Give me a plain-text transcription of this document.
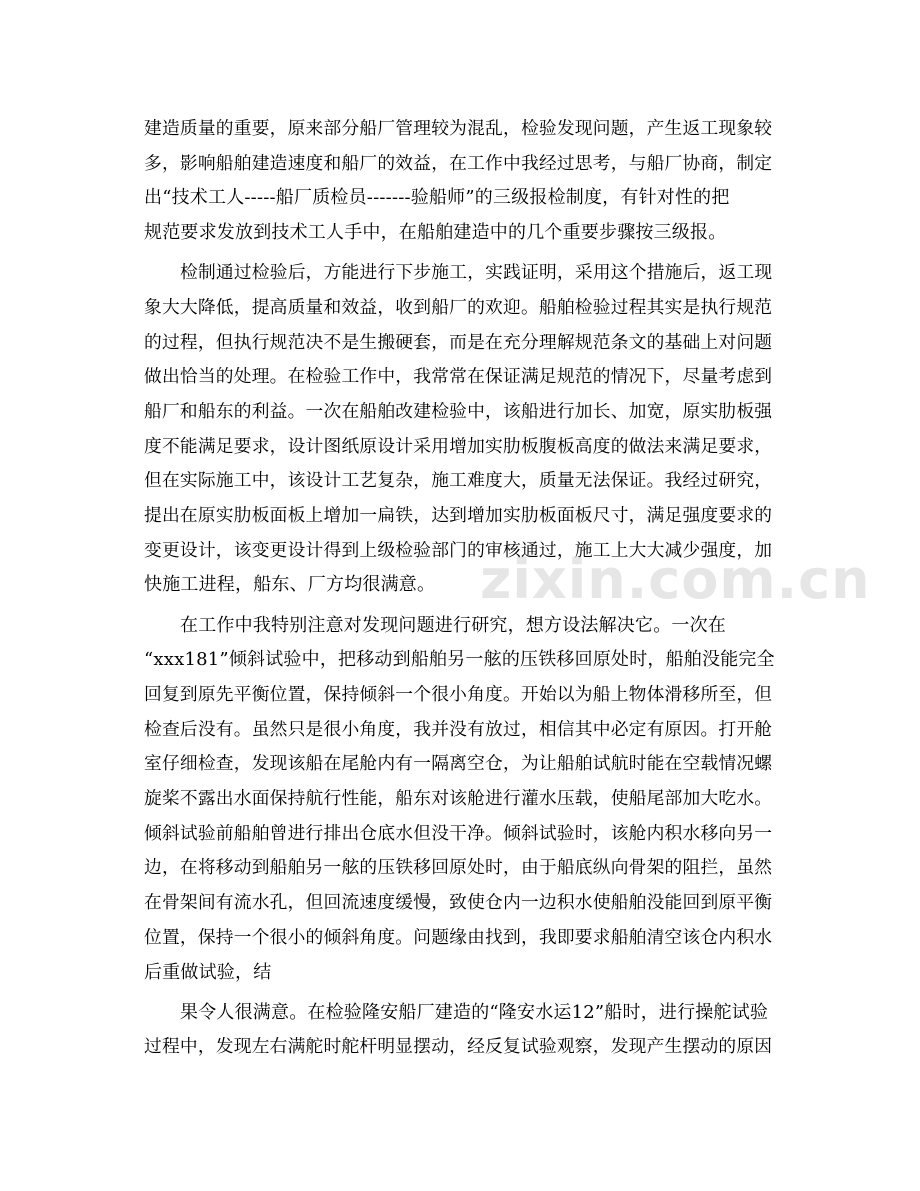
建造质量的重要，原来部分船厂管理较为混乱，检验发现问题，产生返工现象较
多，影响船舶建造速度和船厂的效益，在工作中我经过思考，与船厂协商，制定
出“技术工人-----船厂质检员-------验船师”的三级报检制度，有针对性的把
规范要求发放到技术工人手中，在船舶建造中的几个重要步骤按三级报。
检制通过检验后，方能进行下步施工，实践证明，采用这个措施后，返工现
象大大降低，提高质量和效益，收到船厂的欢迎。船舶检验过程其实是执行规范
的过程，但执行规范决不是生搬硬套，而是在充分理解规范条文的基础上对问题
做出恰当的处理。在检验工作中，我常常在保证满足规范的情况下，尽量考虑到
船厂和船东的利益。一次在船舶改建检验中，该船进行加长、加宽，原实肋板强
度不能满足要求，设计图纸原设计采用增加实肋板腹板高度的做法来满足要求，
但在实际施工中，该设计工艺复杂，施工难度大，质量无法保证。我经过研究，
提出在原实肋板面板上增加一扁铁，达到增加实肋板面板尺寸，满足强度要求的
变更设计，该变更设计得到上级检验部门的审核通过，施工上大大减少强度，加
快施工进程，船东、厂方均很满意。
在工作中我特别注意对发现问题进行研究，想方设法解决它。一次在
“xxx181”倾斜试验中，把移动到船舶另一舷的压铁移回原处时，船舶没能完全
回复到原先平衡位置，保持倾斜一个很小角度。开始以为船上物体滑移所至，但
检查后没有。虽然只是很小角度，我并没有放过，相信其中必定有原因。打开舱
室仔细检查，发现该船在尾舱内有一隔离空仓，为让船舶试航时能在空载情况螺
旋桨不露出水面保持航行性能，船东对该舱进行灌水压载，使船尾部加大吃水。
倾斜试验前船舶曾进行排出仓底水但没干净。倾斜试验时，该舱内积水移向另一
边，在将移动到船舶另一舷的压铁移回原处时，由于船底纵向骨架的阻拦，虽然
在骨架间有流水孔，但回流速度缓慢，致使仓内一边积水使船舶没能回到原平衡
位置，保持一个很小的倾斜角度。问题缘由找到，我即要求船舶清空该仓内积水
后重做试验，结
果令人很满意。在检验隆安船厂建造的“隆安水运12”船时，进行操舵试验
过程中，发现左右满舵时舵杆明显摆动，经反复试验观察，发现产生摆动的原因
zixin.com.cn
